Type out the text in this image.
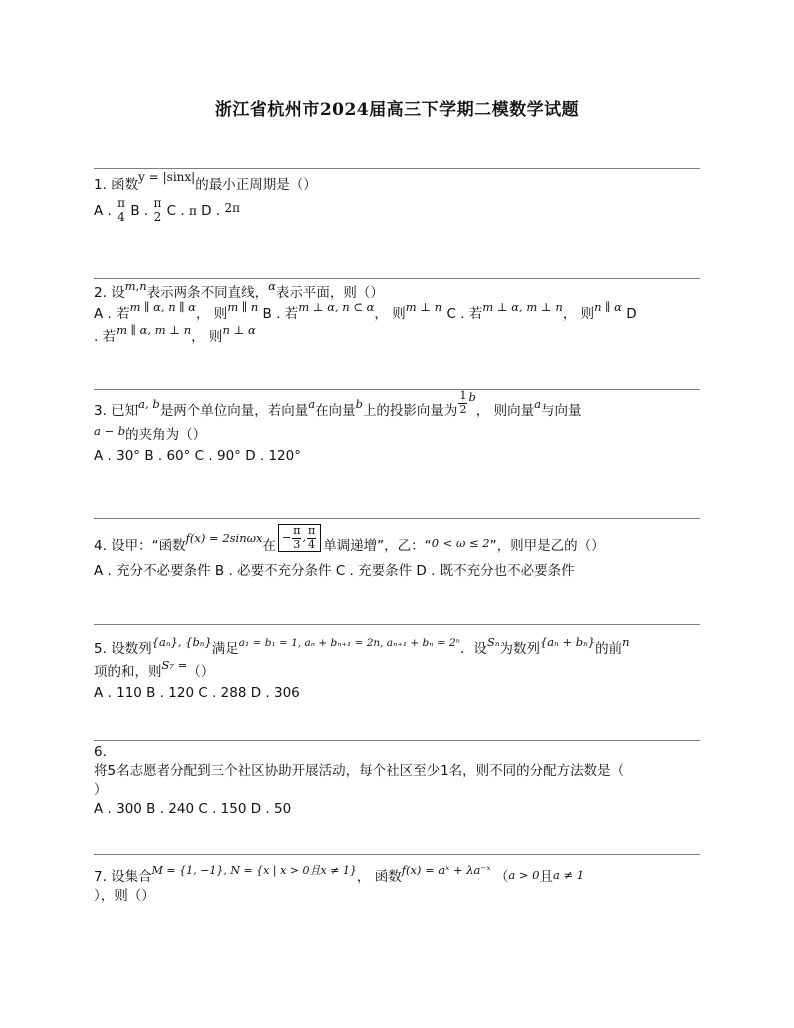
浙江省杭州市2024届高三下学期二模数学试题
1. 函数y = |sinx|的最小正周期是（）
A . π
4 B . π
2 C . π D . 2π
2. 设m,n表示两条不同直线，α表示平面，则（）
A . 若m ∥ α, n ∥ α， 则m ∥ n B . 若m ⊥ α, n ⊂ α， 则m ⊥ n C . 若m ⊥ α, m ⊥ n， 则n ∥ α D
. 若m ∥ α, m ⊥ n， 则n ⊥ α
3. 已知a, b是两个单位向量，若向量a在向量b上的投影向量为 $\frac{1}{2}$ b， 则向量a与向量
a − b的夹角为（）
A . 30° B . 60° C . 90° D . 120°
4. 设甲：“函数f(x) = 2sinωx在− $\frac{\pi}{3}$ , $\frac{\pi}{4}$ 单调递增”，乙：“0 < ω ≤ 2”，则甲是乙的（）
A . 充分不必要条件 B . 必要不充分条件 C . 充要条件 D . 既不充分也不必要条件
5. 设数列{aₙ}, {bₙ}满足$^{a_1 = b_1 = 1, a_n + b_{n+1} = 2n, a_{n+1} + b_n = 2^n}$．设Sₙ为数列{aₙ + bₙ}的前n
项的和，则S₇ =（）
A . 110 B . 120 C . 288 D . 306
6.
将5名志愿者分配到三个社区协助开展活动，每个社区至少1名，则不同的分配方法数是（
）
A . 300 B . 240 C . 150 D . 50
7. 设集合$^{M = \{1, -1\}, N = \{x | x > 0且x \ne 1\}}$， 函数f(x) = aˣ + λa⁻ˣ （a > 0且a ≠ 1
），则（）
